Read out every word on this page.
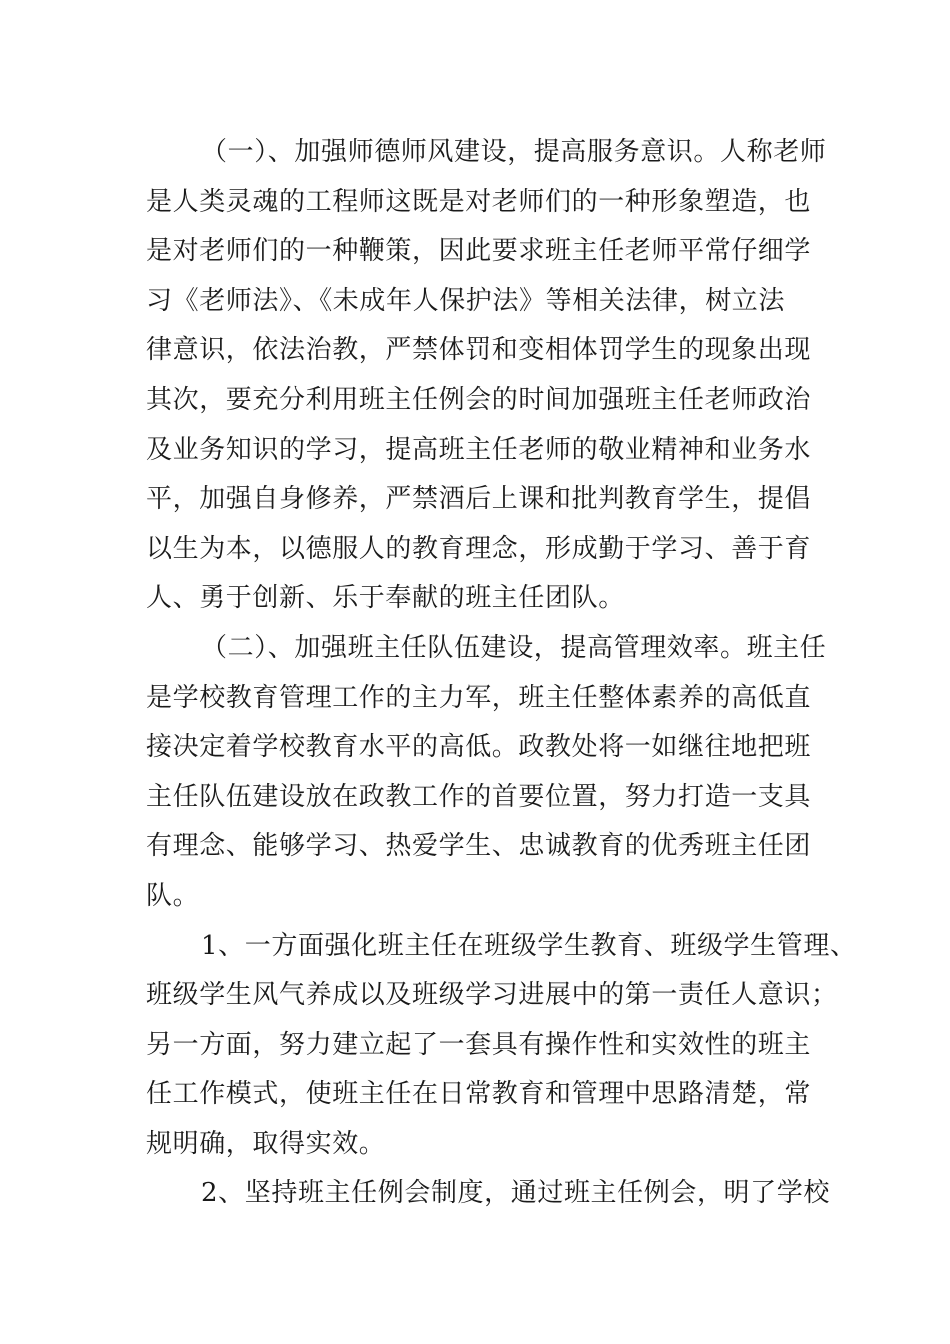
（一）、加强师德师风建设，提高服务意识。人称老师
是人类灵魂的工程师这既是对老师们的一种形象塑造，也
是对老师们的一种鞭策，因此要求班主任老师平常仔细学
习《老师法》、《未成年人保护法》等相关法律，树立法
律意识，依法治教，严禁体罚和变相体罚学生的现象出现
其次，要充分利用班主任例会的时间加强班主任老师政治
及业务知识的学习，提高班主任老师的敬业精神和业务水
平，加强自身修养，严禁酒后上课和批判教育学生，提倡
以生为本，以德服人的教育理念，形成勤于学习、善于育
人、勇于创新、乐于奉献的班主任团队。
（二）、加强班主任队伍建设，提高管理效率。班主任
是学校教育管理工作的主力军，班主任整体素养的高低直
接决定着学校教育水平的高低。政教处将一如继往地把班
主任队伍建设放在政教工作的首要位置，努力打造一支具
有理念、能够学习、热爱学生、忠诚教育的优秀班主任团
队。
1、一方面强化班主任在班级学生教育、班级学生管理、
班级学生风气养成以及班级学习进展中的第一责任人意识；
另一方面，努力建立起了一套具有操作性和实效性的班主
任工作模式，使班主任在日常教育和管理中思路清楚，常
规明确，取得实效。
2、坚持班主任例会制度，通过班主任例会，明了学校
